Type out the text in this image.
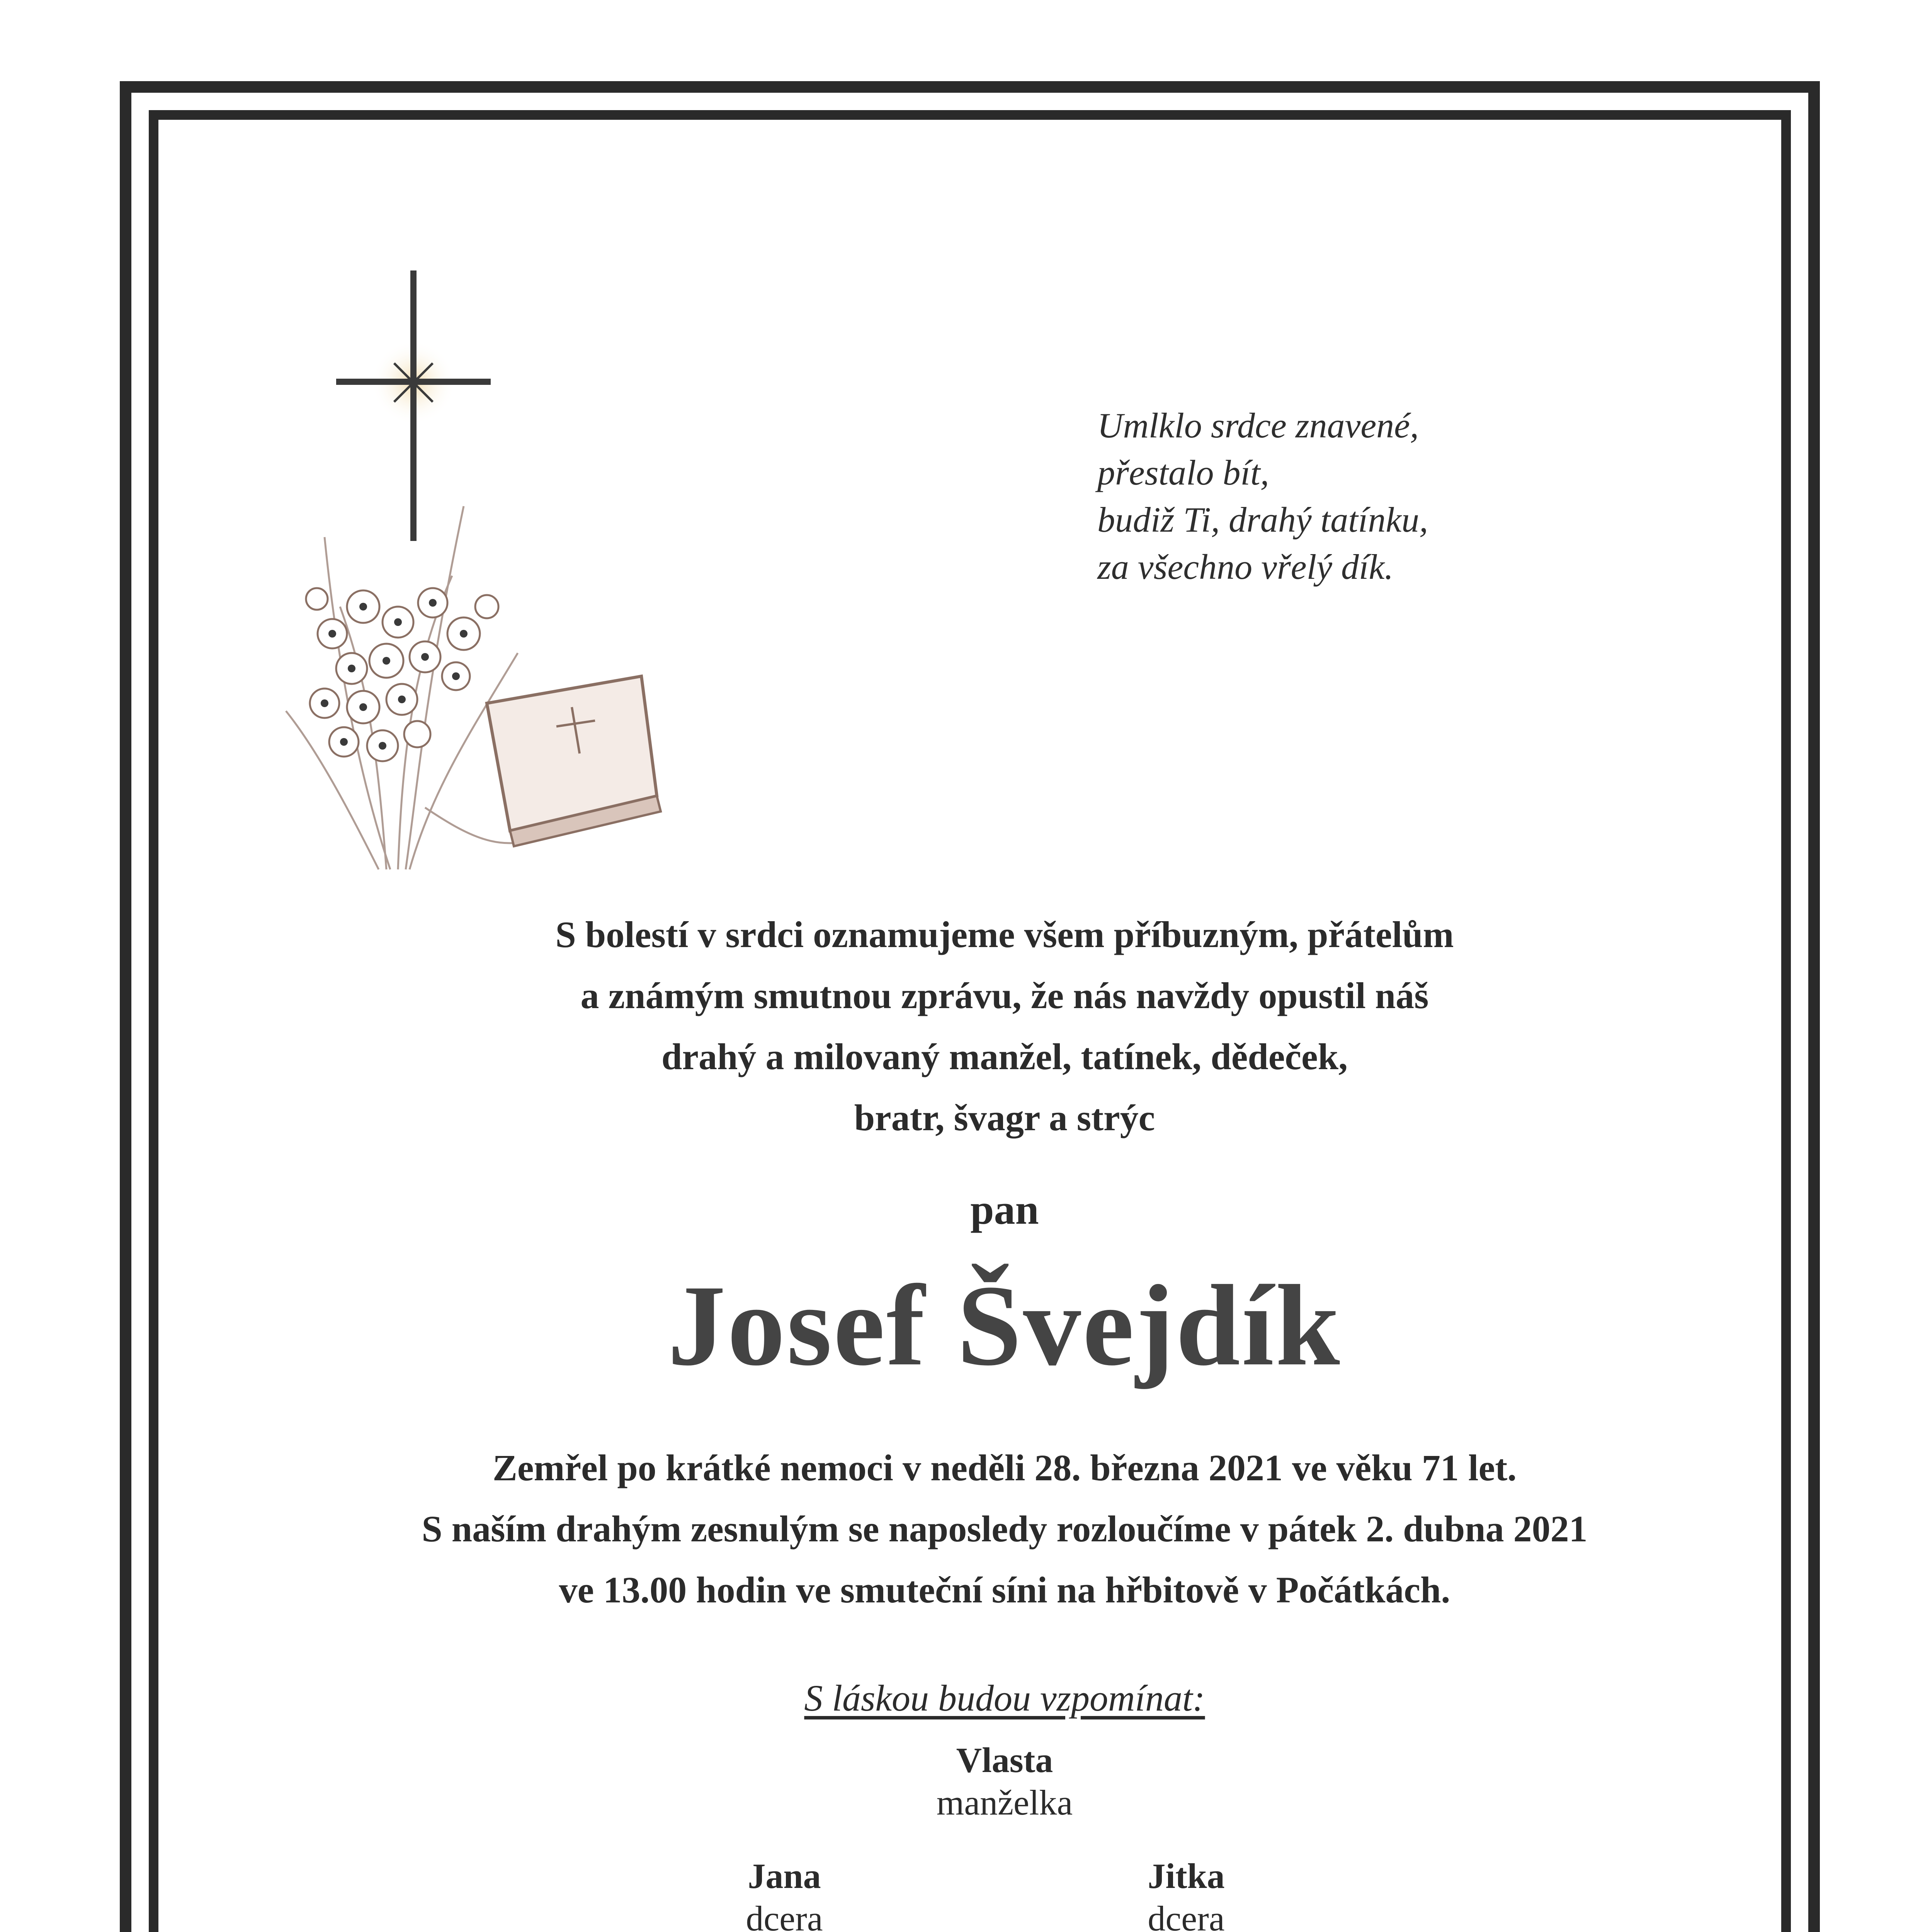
Umlklo srdce znavené,
přestalo bít,
budiž Ti, drahý tatínku,
za všechno vřelý dík.
S bolestí v srdci oznamujeme všem příbuzným, přátelům
a známým smutnou zprávu, že nás navždy opustil náš
drahý a milovaný manžel, tatínek, dědeček,
bratr, švagr a strýc
pan
Josef Švejdík
Zemřel po krátké nemoci v neděli 28. března 2021 ve věku 71 let.
S naším drahým zesnulým se naposledy rozloučíme v pátek 2. dubna 2021
ve 13.00 hodin ve smuteční síni na hřbitově v Počátkách.
S láskou budou vzpomínat:
Vlasta
manželka
Jana
dcera
Jitka
dcera
